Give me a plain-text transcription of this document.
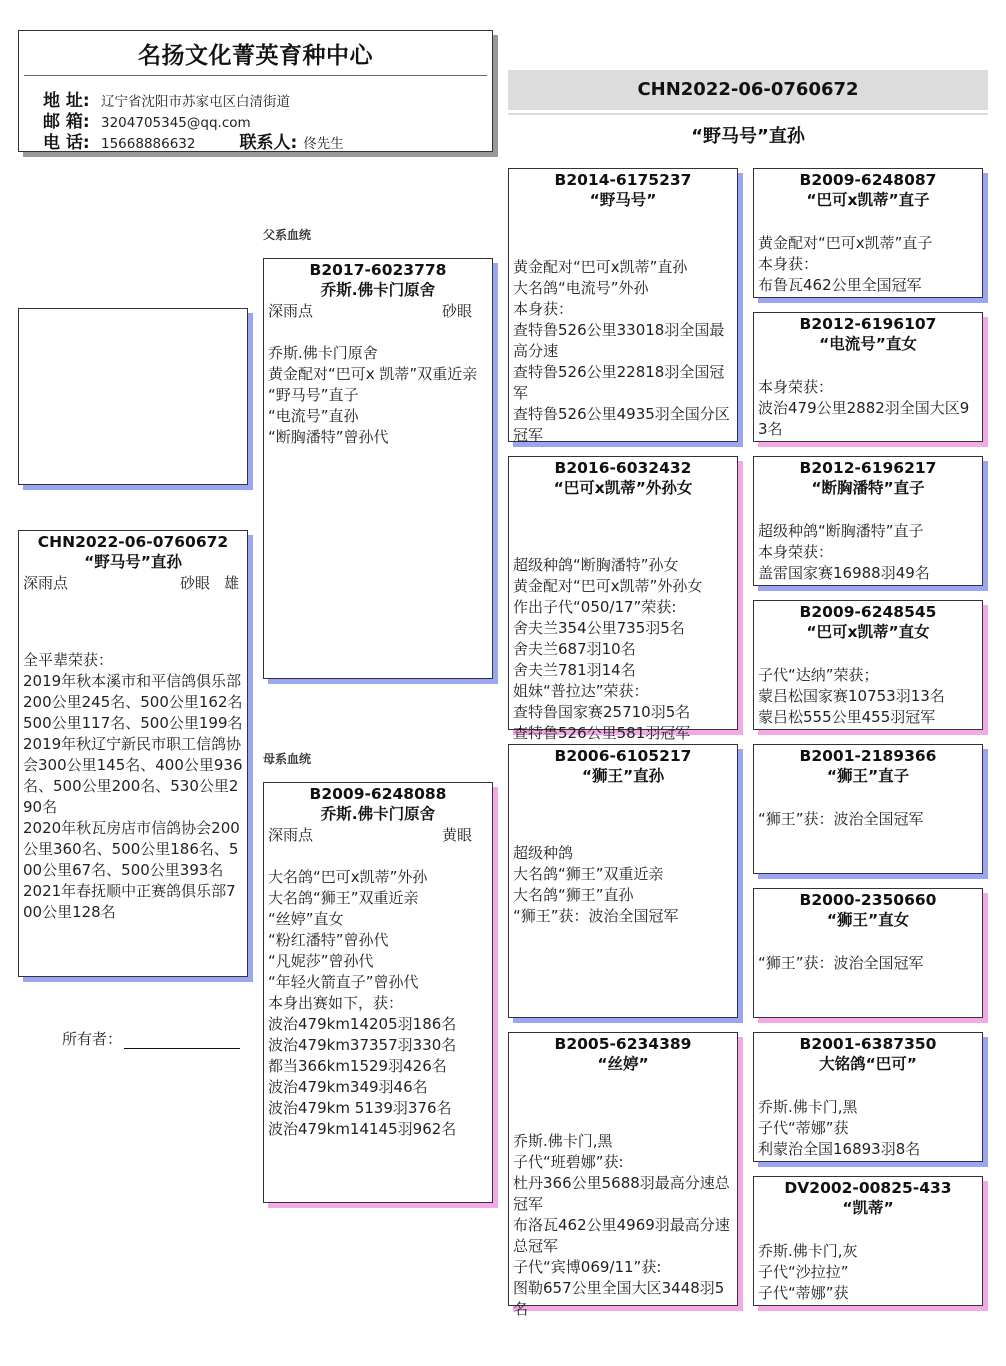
名扬文化菁英育种中心
地 址: 辽宁省沈阳市苏家屯区白清街道
邮 箱: 3204705345@qq.com
电 话: 15668886632	联系人: 佟先生
CHN2022-06-0760672
“野马号”直孙
CHN2022-06-0760672
“野马号”直孙
深雨点	砂眼 雄
全平辈荣获：
2019年秋本溪市和平信鸽俱乐部200公里245名、500公里162名 500公里117名、500公里199名
2019年秋辽宁新民市职工信鸽协会300公里145名、400公里936名、500公里200名、530公里290名
2020年秋瓦房店市信鸽协会200公里360名、500公里186名、500公里67名、500公里393名
2021年春抚顺中正赛鸽俱乐部700公里128名
所有者：
父系血统
母系血统
B2017-6023778
乔斯.佛卡门原舍
深雨点	砂眼
乔斯.佛卡门原舍
黄金配对“巴可x 凯蒂”双重近亲
“野马号”直子
“电流号”直孙
“断胸潘特”曾孙代
B2009-6248088
乔斯.佛卡门原舍
深雨点	黄眼
大名鸽“巴可x凯蒂”外孙
大名鸽“狮王”双重近亲
“丝婷”直女
“粉红潘特”曾孙代
“凡妮莎”曾孙代
“年轻火箭直子”曾孙代
本身出赛如下，获：
波治479km14205羽186名
波治479km37357羽330名
都当366km1529羽426名
波治479km349羽46名
波治479km 5139羽376名
波治479km14145羽962名
B2014-6175237
“野马号”
黄金配对“巴可x凯蒂”直孙
大名鸽“电流号”外孙
本身获：
查特鲁526公里33018羽全国最高分速
查特鲁526公里22818羽全国冠军
查特鲁526公里4935羽全国分区冠军
B2016-6032432
“巴可x凯蒂”外孙女
超级种鸽“断胸潘特”孙女
黄金配对“巴可x凯蒂”外孙女
作出子代“050/17”荣获:
舍夫兰354公里735羽5名
舍夫兰687羽10名
舍夫兰781羽14名
姐妹“普拉达”荣获：
查特鲁国家赛25710羽5名
查特鲁526公里581羽冠军
B2006-6105217
“狮王”直孙
超级种鸽
大名鸽“狮王”双重近亲
大名鸽“狮王”直孙
“狮王”获：波治全国冠军
B2005-6234389
“丝婷”
乔斯.佛卡门,黑
子代“班碧娜”获:
杜丹366公里5688羽最高分速总冠军
布洛瓦462公里4969羽最高分速总冠军
子代“宾博069/11”获:
图勒657公里全国大区3448羽5名
B2009-6248087
“巴可x凯蒂”直子
黄金配对“巴可x凯蒂”直子
本身获：
布鲁瓦462公里全国冠军
B2012-6196107
“电流号”直女
本身荣获：
波治479公里2882羽全国大区93名
B2012-6196217
“断胸潘特”直子
超级种鸽“断胸潘特”直子
本身荣获：
盖雷国家赛16988羽49名
B2009-6248545
“巴可x凯蒂”直女
子代“达纳”荣获；
蒙吕松国家赛10753羽13名
蒙吕松555公里455羽冠军
B2001-2189366
“狮王”直子
“狮王”获：波治全国冠军
B2000-2350660
“狮王”直女
“狮王”获：波治全国冠军
B2001-6387350
大铭鸽“巴可”
乔斯.佛卡门,黑
子代“蒂娜”获
利蒙治全国16893羽8名
DV2002-00825-433
“凯蒂”
乔斯.佛卡门,灰
子代“沙拉拉”
子代“蒂娜”获
